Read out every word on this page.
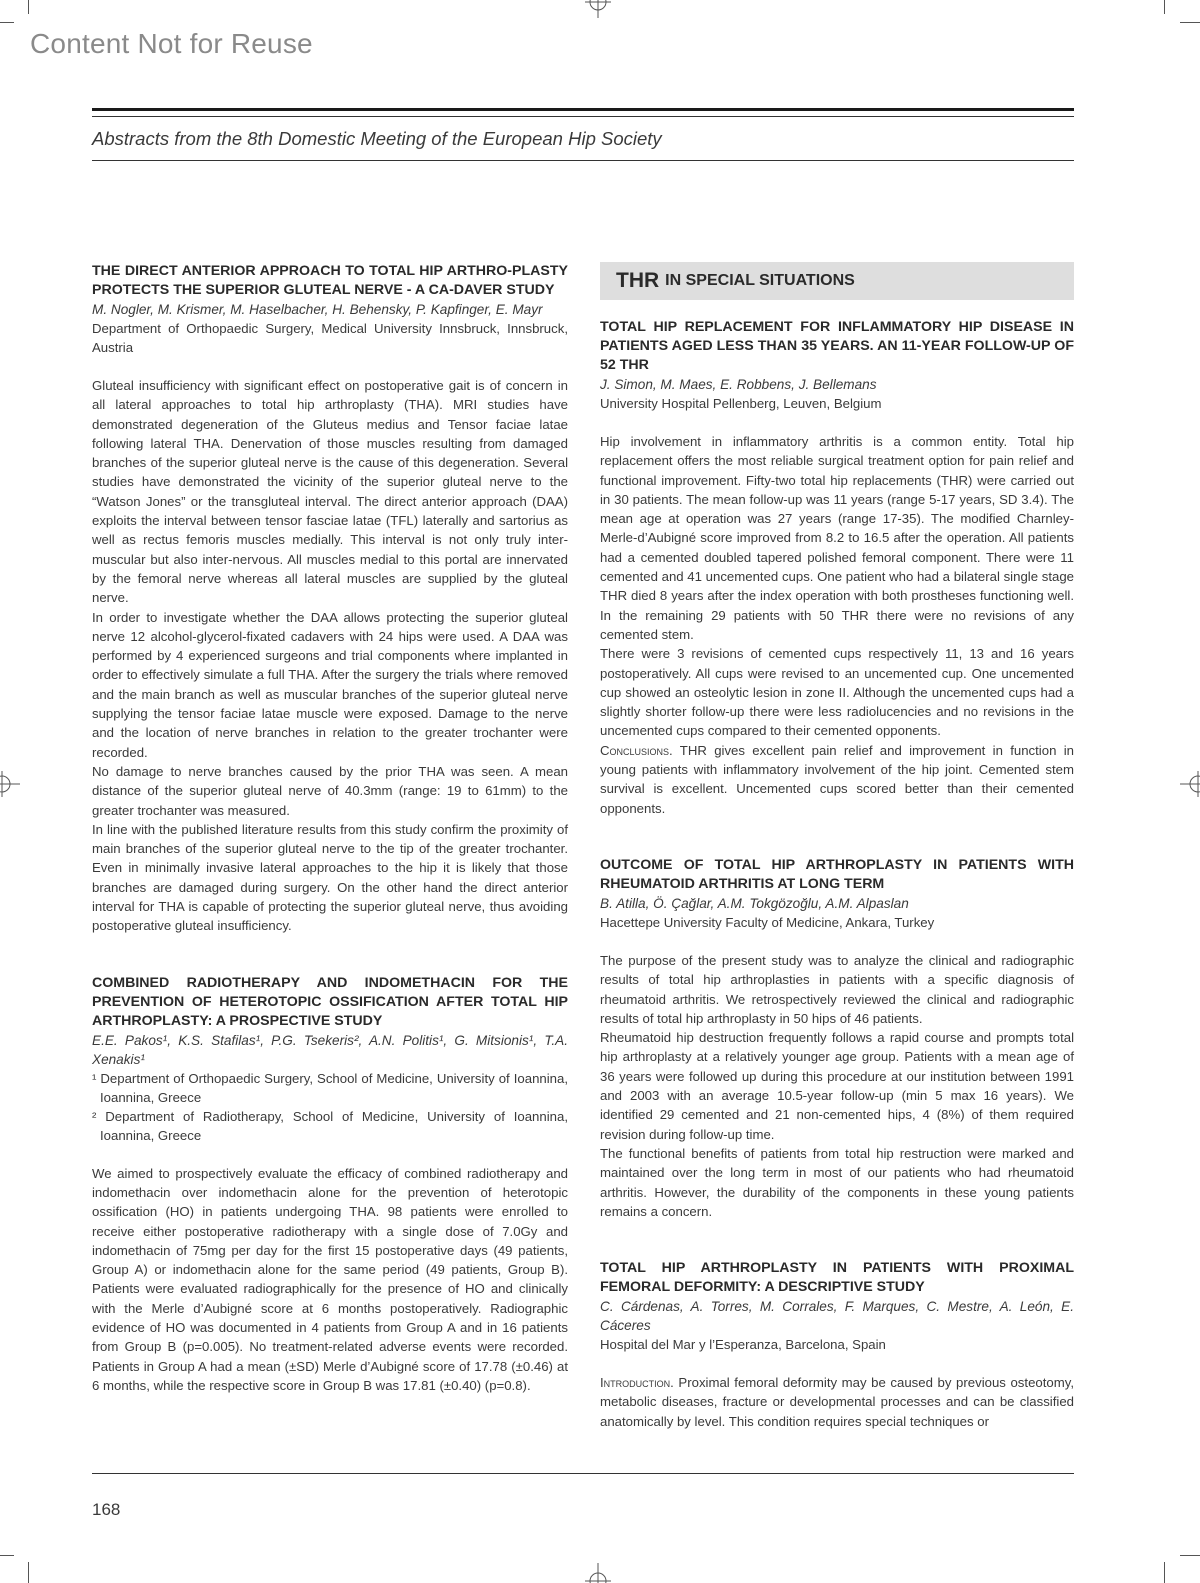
Content Not for Reuse
Abstracts from the 8th Domestic Meeting of the European Hip Society

THE DIRECT ANTERIOR APPROACH TO TOTAL HIP ARTHRO-PLASTY PROTECTS THE SUPERIOR GLUTEAL NERVE - A CA-DAVER STUDY

M. Nogler, M. Krismer, M. Haselbacher, H. Behensky, P. Kapfinger, E. Mayr

Department of Orthopaedic Surgery, Medical University Innsbruck, Innsbruck, Austria

Gluteal insufficiency with significant effect on postoperative gait is of concern in all lateral approaches to total hip arthroplasty (THA). MRI studies have demonstrated degeneration of the Gluteus medius and Tensor faciae latae following lateral THA. Denervation of those muscles resulting from damaged branches of the superior gluteal nerve is the cause of this degeneration. Several studies have demonstrated the vicinity of the superior gluteal nerve to the “Watson Jones” or the transgluteal interval. The direct anterior approach (DAA) exploits the interval between tensor fasciae latae (TFL) laterally and sartorius as well as rectus femoris muscles medially. This interval is not only truly inter-muscular but also inter-nervous. All muscles medial to this portal are innervated by the femoral nerve whereas all lateral muscles are supplied by the gluteal nerve.

In order to investigate whether the DAA allows protecting the superior gluteal nerve 12 alcohol-glycerol-fixated cadavers with 24 hips were used. A DAA was performed by 4 experienced surgeons and trial components where implanted in order to effectively simulate a full THA. After the surgery the trials where removed and the main branch as well as muscular branches of the superior gluteal nerve supplying the tensor faciae latae muscle were exposed. Damage to the nerve and the location of nerve branches in relation to the greater trochanter were recorded.

No damage to nerve branches caused by the prior THA was seen. A mean distance of the superior gluteal nerve of 40.3mm (range: 19 to 61mm) to the greater trochanter was measured.

In line with the published literature results from this study confirm the proximity of main branches of the superior gluteal nerve to the tip of the greater trochanter. Even in minimally invasive lateral approaches to the hip it is likely that those branches are damaged during surgery. On the other hand the direct anterior interval for THA is capable of protecting the superior gluteal nerve, thus avoiding postoperative gluteal insufficiency.

COMBINED RADIOTHERAPY AND INDOMETHACIN FOR THE PREVENTION OF HETEROTOPIC OSSIFICATION AFTER TOTAL HIP ARTHROPLASTY: A PROSPECTIVE STUDY

E.E. Pakos¹, K.S. Stafilas¹, P.G. Tsekeris², A.N. Politis¹, G. Mitsionis¹, T.A. Xenakis¹

¹ Department of Orthopaedic Surgery, School of Medicine, University of Ioannina, Ioannina, Greece

² Department of Radiotherapy, School of Medicine, University of Ioannina, Ioannina, Greece

We aimed to prospectively evaluate the efficacy of combined radiotherapy and indomethacin over indomethacin alone for the prevention of heterotopic ossification (HO) in patients undergoing THA. 98 patients were enrolled to receive either postoperative radiotherapy with a single dose of 7.0Gy and indomethacin of 75mg per day for the first 15 postoperative days (49 patients, Group A) or indomethacin alone for the same period (49 patients, Group B). Patients were evaluated radiographically for the presence of HO and clinically with the Merle d’Aubigné score at 6 months postoperatively. Radiographic evidence of HO was documented in 4 patients from Group A and in 16 patients from Group B (p=0.005). No treatment-related adverse events were recorded. Patients in Group A had a mean (±SD) Merle d’Aubigné score of 17.78 (±0.46) at 6 months, while the respective score in Group B was 17.81 (±0.40) (p=0.8).

THR IN SPECIAL SITUATIONS

TOTAL HIP REPLACEMENT FOR INFLAMMATORY HIP DISEASE IN PATIENTS AGED LESS THAN 35 YEARS. AN 11-YEAR FOLLOW-UP OF 52 THR

J. Simon, M. Maes, E. Robbens, J. Bellemans

University Hospital Pellenberg, Leuven, Belgium

Hip involvement in inflammatory arthritis is a common entity. Total hip replacement offers the most reliable surgical treatment option for pain relief and functional improvement. Fifty-two total hip replacements (THR) were carried out in 30 patients. The mean follow-up was 11 years (range 5-17 years, SD 3.4). The mean age at operation was 27 years (range 17-35). The modified Charnley-Merle-d’Aubigné score improved from 8.2 to 16.5 after the operation. All patients had a cemented doubled tapered polished femoral component. There were 11 cemented and 41 uncemented cups. One patient who had a bilateral single stage THR died 8 years after the index operation with both prostheses functioning well. In the remaining 29 patients with 50 THR there were no revisions of any cemented stem.

There were 3 revisions of cemented cups respectively 11, 13 and 16 years postoperatively. All cups were revised to an uncemented cup. One uncemented cup showed an osteolytic lesion in zone II. Although the uncemented cups had a slightly shorter follow-up there were less radiolucencies and no revisions in the uncemented cups compared to their cemented opponents.

Conclusions. THR gives excellent pain relief and improvement in function in young patients with inflammatory involvement of the hip joint. Cemented stem survival is excellent. Uncemented cups scored better than their cemented opponents.

OUTCOME OF TOTAL HIP ARTHROPLASTY IN PATIENTS WITH RHEUMATOID ARTHRITIS AT LONG TERM

B. Atilla, Ö. Çağlar, A.M. Tokgözoğlu, A.M. Alpaslan

Hacettepe University Faculty of Medicine, Ankara, Turkey

The purpose of the present study was to analyze the clinical and radiographic results of total hip arthroplasties in patients with a specific diagnosis of rheumatoid arthritis. We retrospectively reviewed the clinical and radiographic results of total hip arthroplasty in 50 hips of 46 patients.

Rheumatoid hip destruction frequently follows a rapid course and prompts total hip arthroplasty at a relatively younger age group. Patients with a mean age of 36 years were followed up during this procedure at our institution between 1991 and 2003 with an average 10.5-year follow-up (min 5 max 16 years). We identified 29 cemented and 21 non-cemented hips, 4 (8%) of them required revision during follow-up time.

The functional benefits of patients from total hip restruction were marked and maintained over the long term in most of our patients who had rheumatoid arthritis. However, the durability of the components in these young patients remains a concern.

TOTAL HIP ARTHROPLASTY IN PATIENTS WITH PROXIMAL FEMORAL DEFORMITY: A DESCRIPTIVE STUDY

C. Cárdenas, A. Torres, M. Corrales, F. Marques, C. Mestre, A. León, E. Cáceres

Hospital del Mar y l’Esperanza, Barcelona, Spain

Introduction. Proximal femoral deformity may be caused by previous osteotomy, metabolic diseases, fracture or developmental processes and can be classified anatomically by level. This condition requires special techniques or

168
